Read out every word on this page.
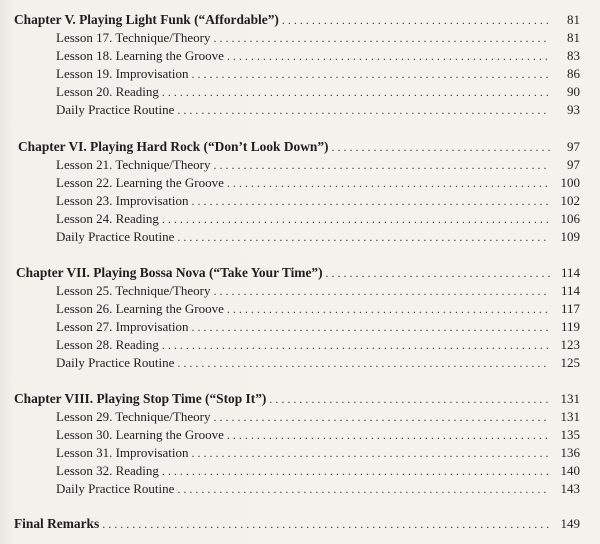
Chapter V. Playing Light Funk (“Affordable”) . . .	81
Lesson 17. Technique/Theory . . .	81
Lesson 18. Learning the Groove . . .	83
Lesson 19. Improvisation . . .	86
Lesson 20. Reading . . .	90
Daily Practice Routine . . .	93
Chapter VI. Playing Hard Rock (“Don’t Look Down”) . . .	97
Lesson 21. Technique/Theory . . .	97
Lesson 22. Learning the Groove . . .	100
Lesson 23. Improvisation . . .	102
Lesson 24. Reading . . .	106
Daily Practice Routine . . .	109
Chapter VII. Playing Bossa Nova (“Take Your Time”) . . .	114
Lesson 25. Technique/Theory . . .	114
Lesson 26. Learning the Groove . . .	117
Lesson 27. Improvisation . . .	119
Lesson 28. Reading . . .	123
Daily Practice Routine . . .	125
Chapter VIII. Playing Stop Time (“Stop It”) . . .	131
Lesson 29. Technique/Theory . . .	131
Lesson 30. Learning the Groove . . .	135
Lesson 31. Improvisation . . .	136
Lesson 32. Reading . . .	140
Daily Practice Routine . . .	143
Final Remarks . . .	149
